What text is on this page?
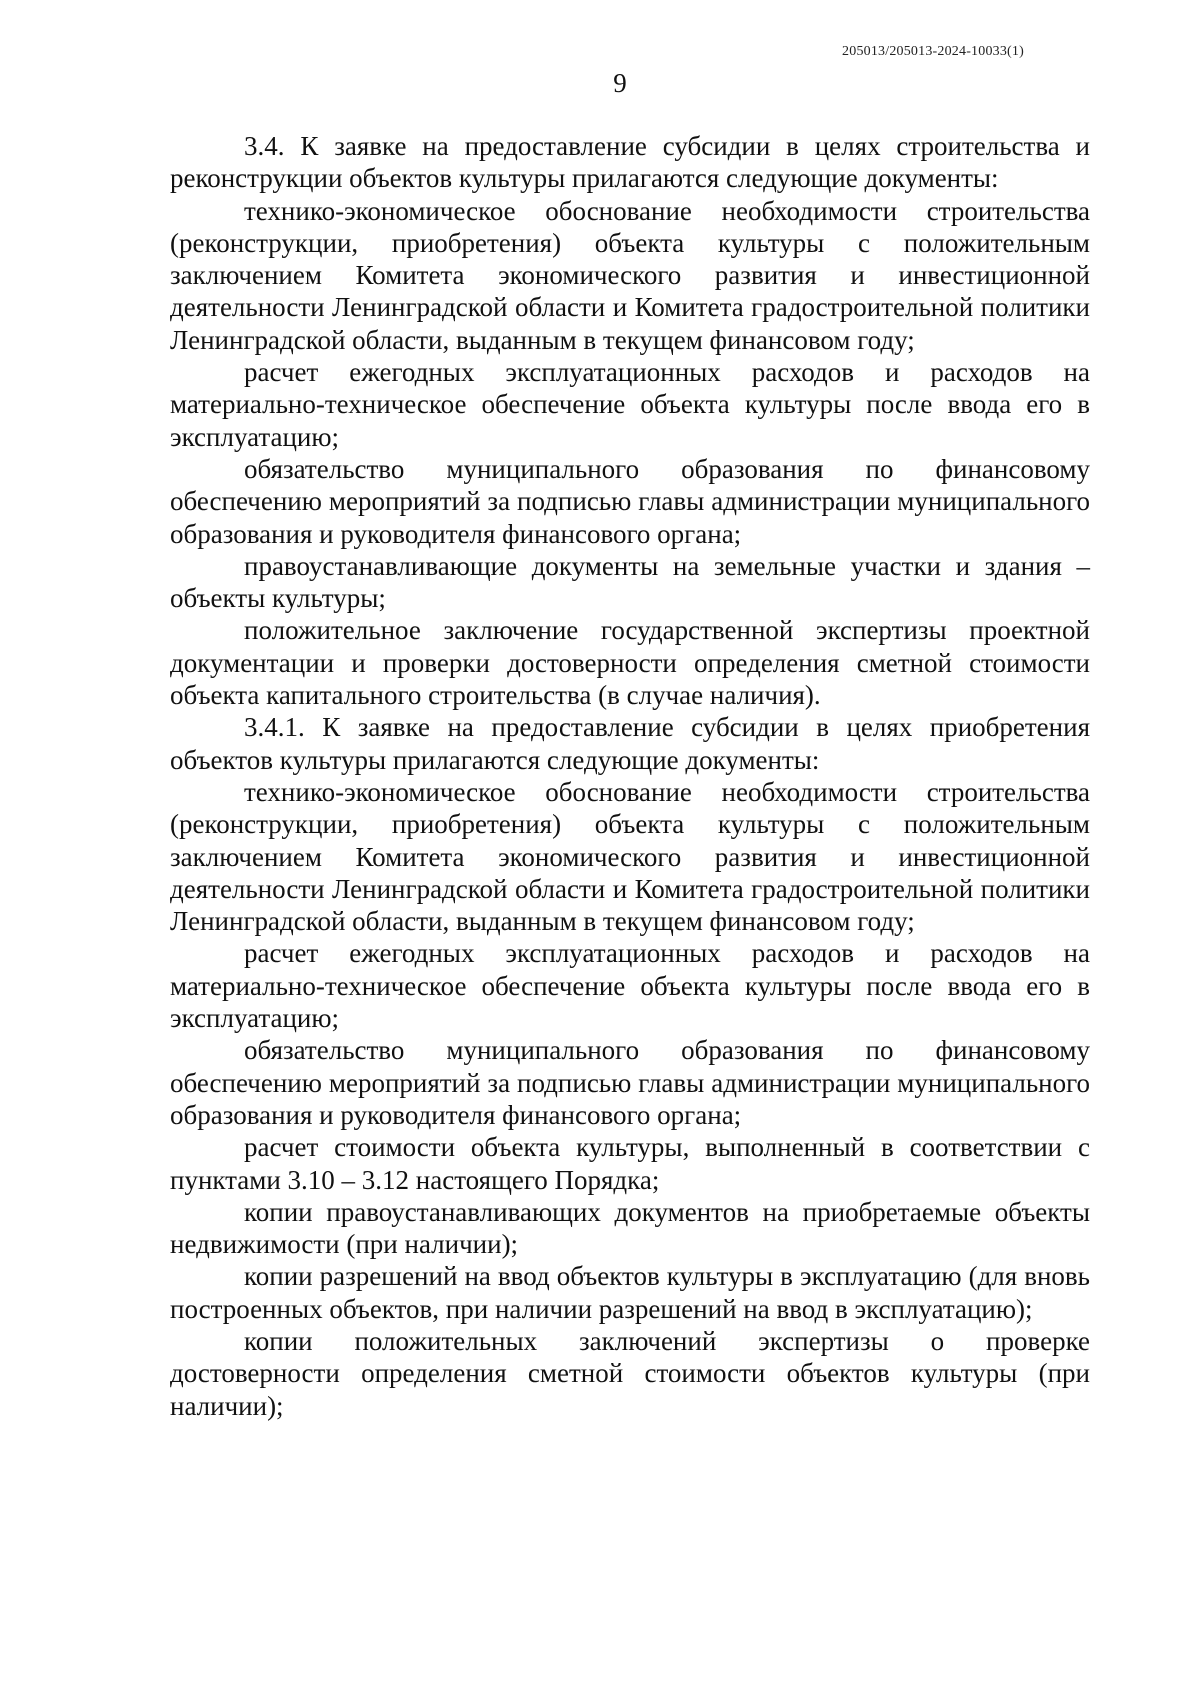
205013/205013-2024-10033(1)
9

3.4. К заявке на предоставление субсидии в целях строительства и реконструкции объектов культуры прилагаются следующие документы:

технико-экономическое обоснование необходимости строительства (реконструкции, приобретения) объекта культуры с положительным заключением Комитета экономического развития и инвестиционной деятельности Ленинградской области и Комитета градостроительной политики Ленинградской области, выданным в текущем финансовом году;

расчет ежегодных эксплуатационных расходов и расходов на материально-техническое обеспечение объекта культуры после ввода его в эксплуатацию;

обязательство муниципального образования по финансовому обеспечению мероприятий за подписью главы администрации муниципального образования и руководителя финансового органа;

правоустанавливающие документы на земельные участки и здания – объекты культуры;

положительное заключение государственной экспертизы проектной документации и проверки достоверности определения сметной стоимости объекта капитального строительства (в случае наличия).

3.4.1. К заявке на предоставление субсидии в целях приобретения объектов культуры прилагаются следующие документы:

технико-экономическое обоснование необходимости строительства (реконструкции, приобретения) объекта культуры с положительным заключением Комитета экономического развития и инвестиционной деятельности Ленинградской области и Комитета градостроительной политики Ленинградской области, выданным в текущем финансовом году;

расчет ежегодных эксплуатационных расходов и расходов на материально-техническое обеспечение объекта культуры после ввода его в эксплуатацию;

обязательство муниципального образования по финансовому обеспечению мероприятий за подписью главы администрации муниципального образования и руководителя финансового органа;

расчет стоимости объекта культуры, выполненный в соответствии с пунктами 3.10 – 3.12 настоящего Порядка;

копии правоустанавливающих документов на приобретаемые объекты недвижимости (при наличии);

копии разрешений на ввод объектов культуры в эксплуатацию (для вновь построенных объектов, при наличии разрешений на ввод в эксплуатацию);

копии положительных заключений экспертизы о проверке достоверности определения сметной стоимости объектов культуры (при наличии);
